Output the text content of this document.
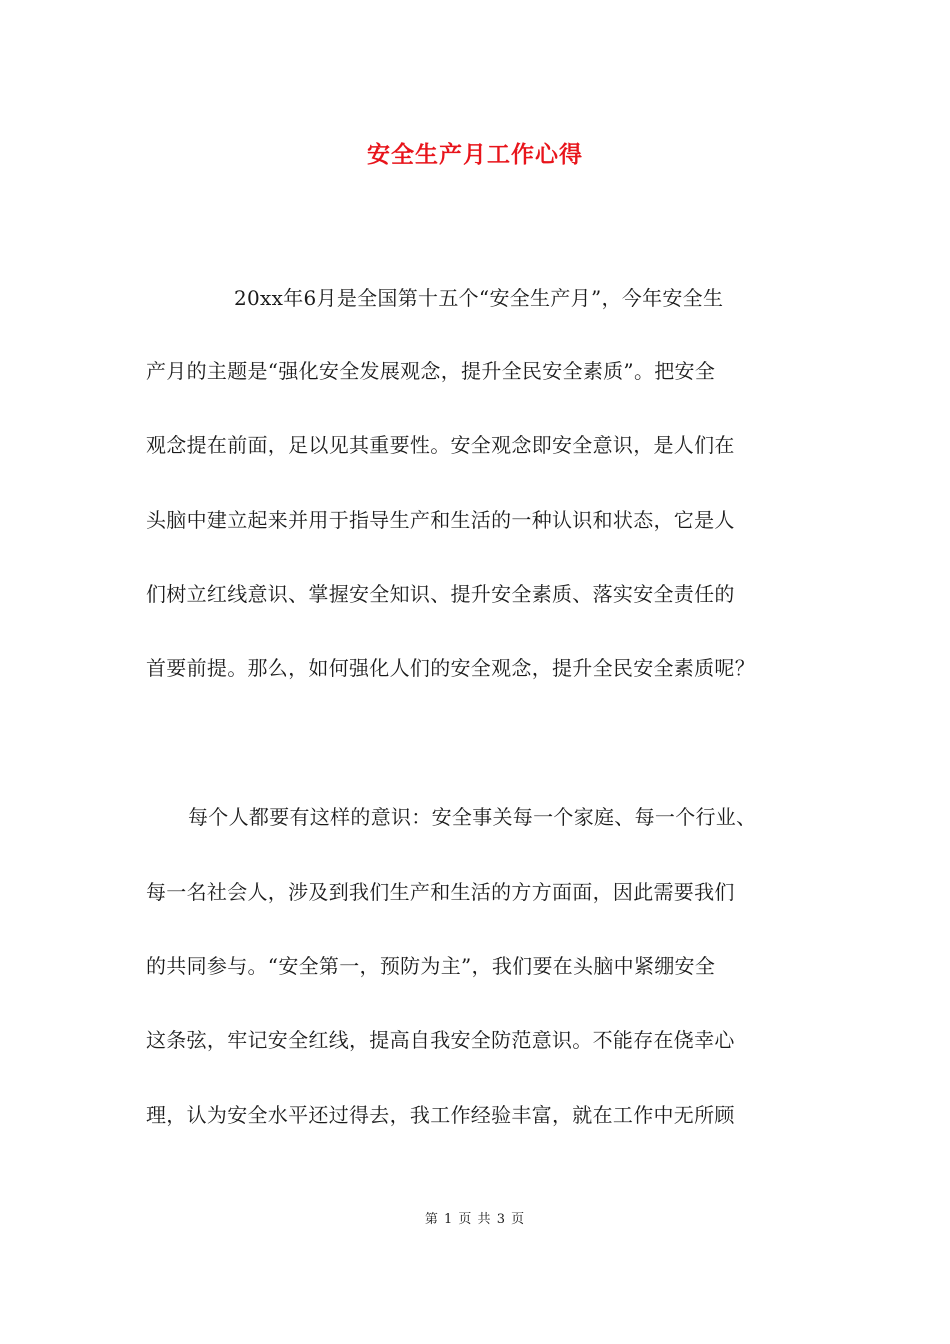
安全生产月工作心得

20xx年6月是全国第十五个“安全生产月”，今年安全生

产月的主题是“强化安全发展观念，提升全民安全素质”。把安全

观念提在前面，足以见其重要性。安全观念即安全意识，是人们在

头脑中建立起来并用于指导生产和生活的一种认识和状态，它是人

们树立红线意识、掌握安全知识、提升安全素质、落实安全责任的

首要前提。那么，如何强化人们的安全观念，提升全民安全素质呢？

每个人都要有这样的意识：安全事关每一个家庭、每一个行业、

每一名社会人，涉及到我们生产和生活的方方面面，因此需要我们

的共同参与。“安全第一，预防为主”，我们要在头脑中紧绷安全

这条弦，牢记安全红线，提高自我安全防范意识。不能存在侥幸心

理，认为安全水平还过得去，我工作经验丰富，就在工作中无所顾

第 1 页 共 3 页
